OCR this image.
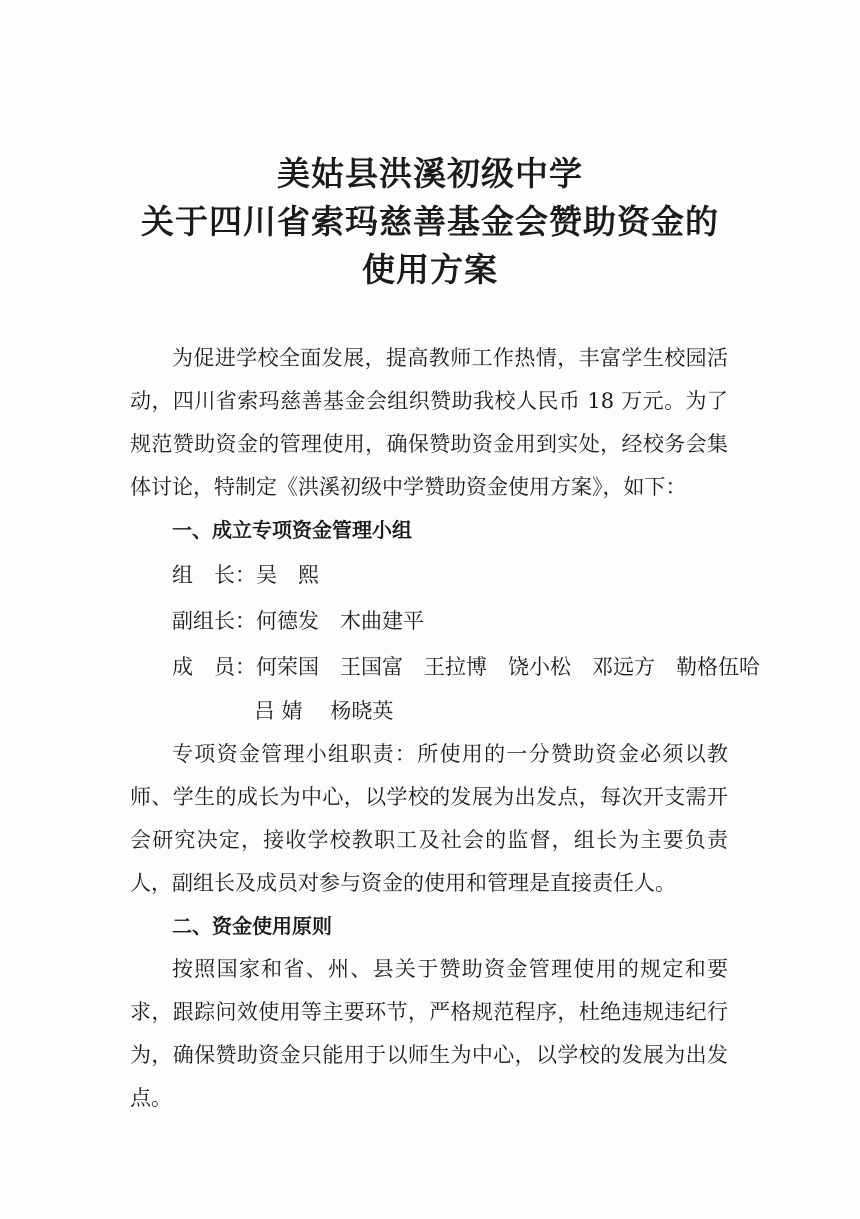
美姑县洪溪初级中学
关于四川省索玛慈善基金会赞助资金的
使用方案

为促进学校全面发展，提高教师工作热情，丰富学生校园活动，四川省索玛慈善基金会组织赞助我校人民币 18 万元。为了规范赞助资金的管理使用，确保赞助资金用到实处，经校务会集体讨论，特制定《洪溪初级中学赞助资金使用方案》，如下：

一、成立专项资金管理小组

组　长： 吴　熙
副组长： 何德发　木曲建平
成　员： 何荣国　王国富　王拉博　饶小松　邓远方　勒格伍哈

吕 婧　 杨晓英

专项资金管理小组职责：所使用的一分赞助资金必须以教师、学生的成长为中心，以学校的发展为出发点，每次开支需开会研究决定，接收学校教职工及社会的监督，组长为主要负责人，副组长及成员对参与资金的使用和管理是直接责任人。

二、资金使用原则

按照国家和省、州、县关于赞助资金管理使用的规定和要求，跟踪问效使用等主要环节，严格规范程序，杜绝违规违纪行为，确保赞助资金只能用于以师生为中心，以学校的发展为出发点。
